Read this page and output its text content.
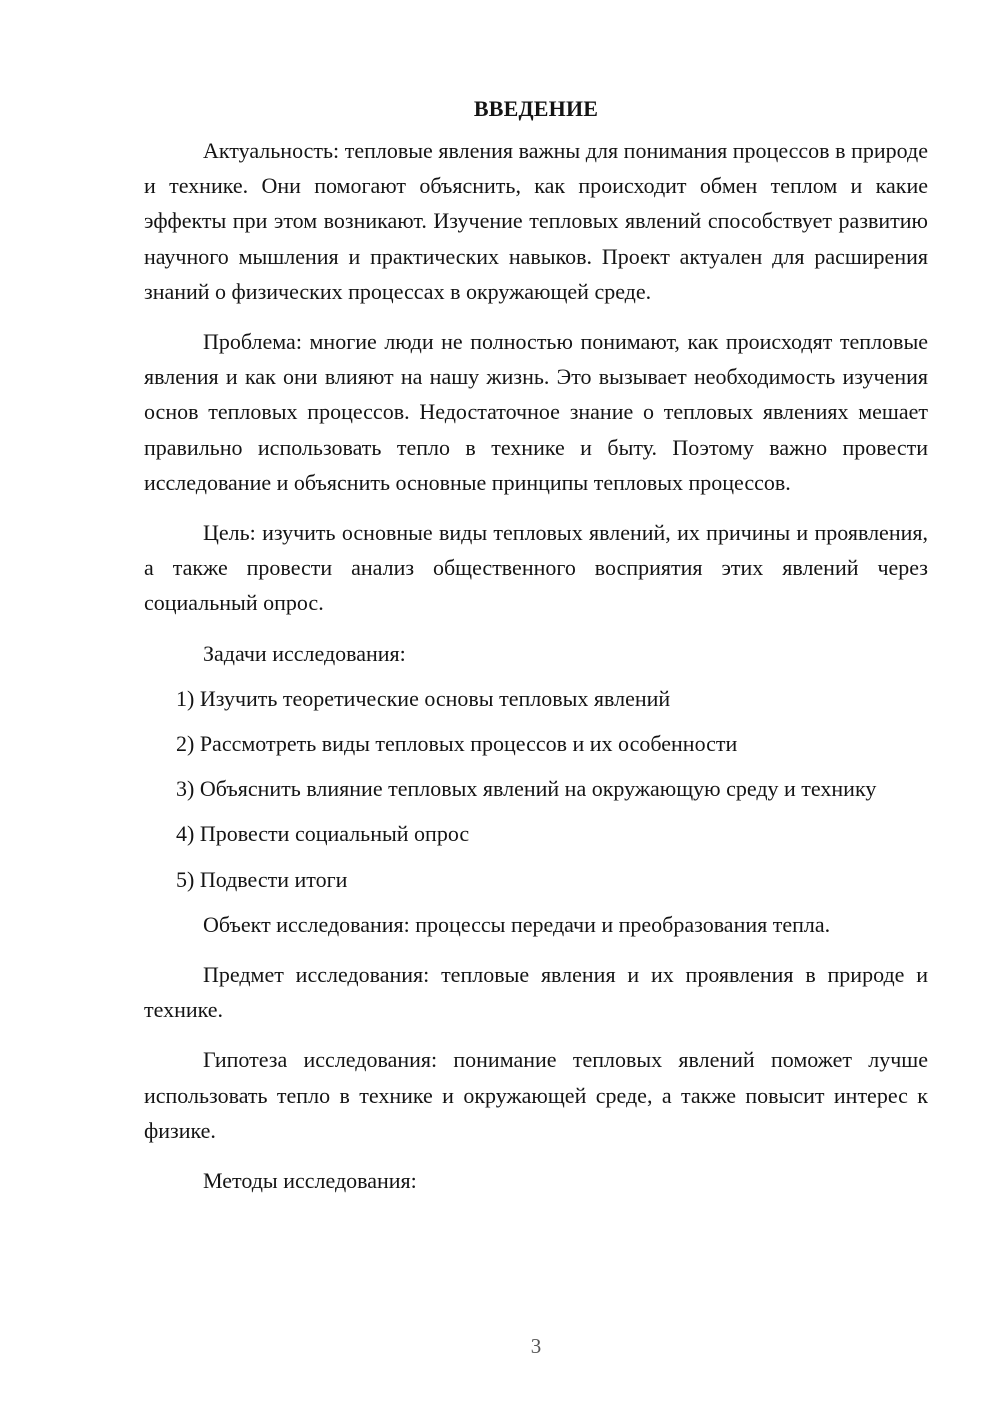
ВВЕДЕНИЕ

Актуальность: тепловые явления важны для понимания процессов в природе и технике. Они помогают объяснить, как происходит обмен теплом и какие эффекты при этом возникают. Изучение тепловых явлений способствует развитию научного мышления и практических навыков. Проект актуален для расширения знаний о физических процессах в окружающей среде.

Проблема: многие люди не полностью понимают, как происходят тепловые явления и как они влияют на нашу жизнь. Это вызывает необходимость изучения основ тепловых процессов. Недостаточное знание о тепловых явлениях мешает правильно использовать тепло в технике и быту. Поэтому важно провести исследование и объяснить основные принципы тепловых процессов.

Цель: изучить основные виды тепловых явлений, их причины и проявления, а также провести анализ общественного восприятия этих явлений через социальный опрос.

Задачи исследования:

1) Изучить теоретические основы тепловых явлений

2) Рассмотреть виды тепловых процессов и их особенности

3) Объяснить влияние тепловых явлений на окружающую среду и технику

4) Провести социальный опрос

5) Подвести итоги

Объект исследования: процессы передачи и преобразования тепла.

Предмет исследования: тепловые явления и их проявления в природе и технике.

Гипотеза исследования: понимание тепловых явлений поможет лучше использовать тепло в технике и окружающей среде, а также повысит интерес к физике.

Методы исследования:

3
